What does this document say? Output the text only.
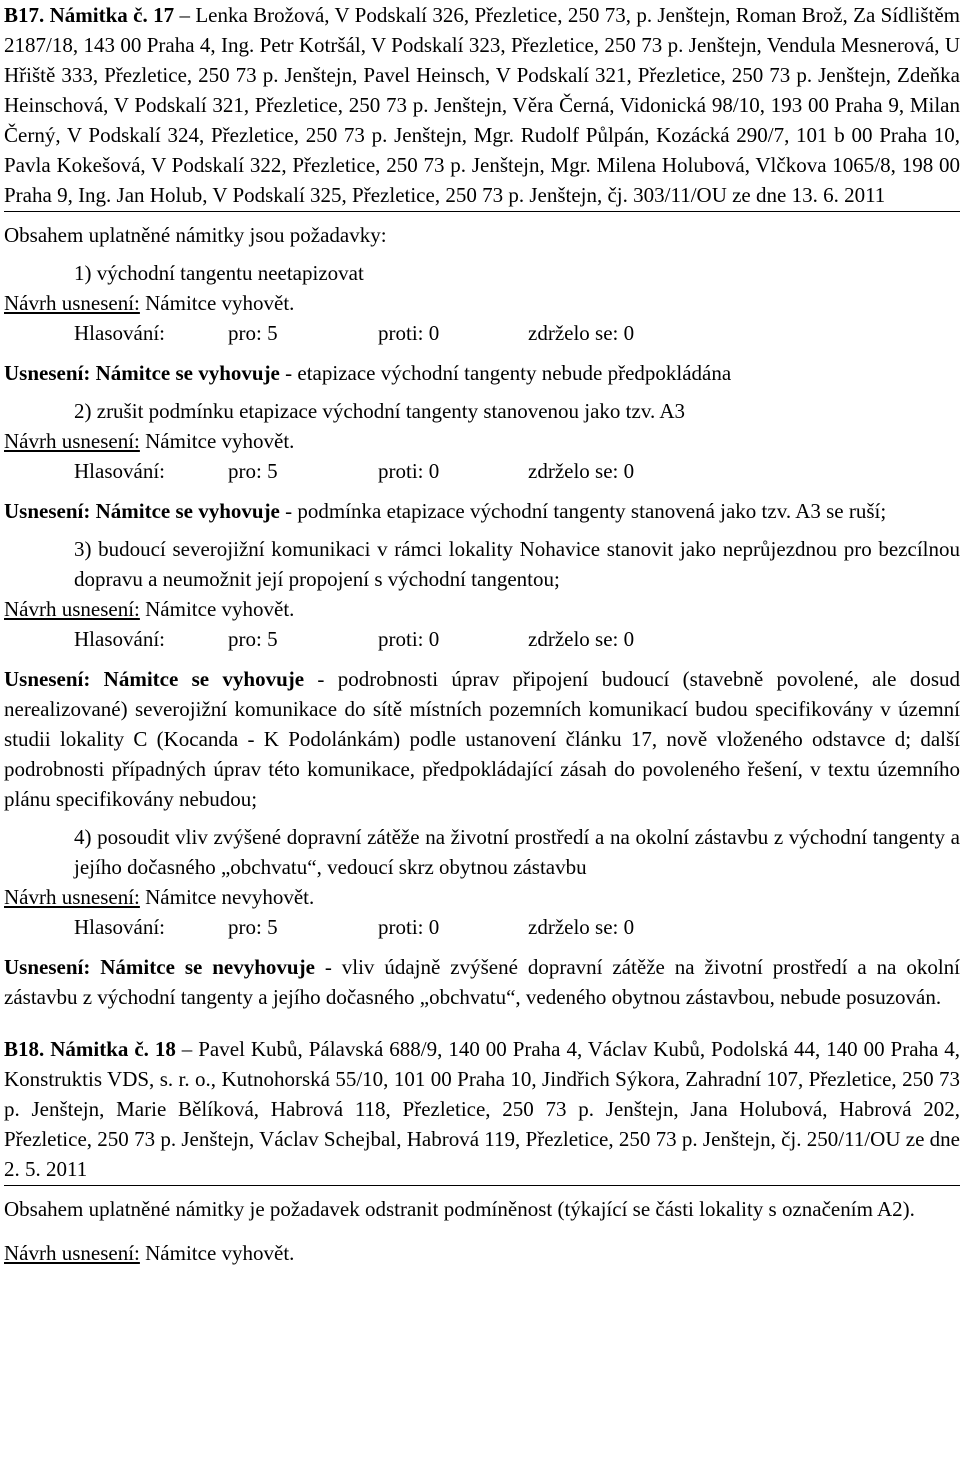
B17. Námitka č. 17 – Lenka Brožová, V Podskalí 326, Přezletice, 250 73, p. Jenštejn, Roman Brož, Za Sídlištěm 2187/18, 143 00 Praha 4, Ing. Petr Kotršál, V Podskalí 323, Přezletice, 250 73 p. Jenštejn, Vendula Mesnerová, U Hřiště 333, Přezletice, 250 73 p. Jenštejn, Pavel Heinsch, V Podskalí 321, Přezletice, 250 73 p. Jenštejn, Zdeňka Heinschová, V Podskalí 321, Přezletice, 250 73 p. Jenštejn, Věra Černá, Vidonická 98/10, 193 00 Praha 9, Milan Černý, V Podskalí 324, Přezletice, 250 73 p. Jenštejn, Mgr. Rudolf Půlpán, Kozácká 290/7, 101 b 00 Praha 10, Pavla Kokešová, V Podskalí 322, Přezletice, 250 73 p. Jenštejn, Mgr. Milena Holubová, Vlčkova 1065/8, 198 00 Praha 9, Ing. Jan Holub, V Podskalí 325, Přezletice, 250 73 p. Jenštejn, čj. 303/11/OU ze dne 13. 6. 2011

Obsahem uplatněné námitky jsou požadavky:

1) východní tangentu neetapizovat

Návrh usnesení: Námitce vyhovět.

Hlasování:	pro: 5	proti: 0	zdrželo se: 0

Usnesení: Námitce se vyhovuje - etapizace východní tangenty nebude předpokládána

2) zrušit podmínku etapizace východní tangenty stanovenou jako tzv. A3

Návrh usnesení: Námitce vyhovět.

Hlasování:	pro: 5	proti: 0	zdrželo se: 0

Usnesení: Námitce se vyhovuje - podmínka etapizace východní tangenty stanovená jako tzv. A3 se ruší;

3) budoucí severojižní komunikaci v rámci lokality Nohavice stanovit jako neprůjezdnou pro bezcílnou dopravu a neumožnit její propojení s východní tangentou;

Návrh usnesení: Námitce vyhovět.

Hlasování:	pro: 5	proti: 0	zdrželo se: 0

Usnesení: Námitce se vyhovuje - podrobnosti úprav připojení budoucí (stavebně povolené, ale dosud nerealizované) severojižní komunikace do sítě místních pozemních komunikací budou specifikovány v územní studii lokality C (Kocanda - K Podolánkám) podle ustanovení článku 17, nově vloženého odstavce d; další podrobnosti případných úprav této komunikace, předpokládající zásah do povoleného řešení, v textu územního plánu specifikovány nebudou;

4) posoudit vliv zvýšené dopravní zátěže na životní prostředí a na okolní zástavbu z východní tangenty a jejího dočasného „obchvatu“, vedoucí skrz obytnou zástavbu

Návrh usnesení: Námitce nevyhovět.

Hlasování:	pro: 5	proti: 0	zdrželo se: 0

Usnesení: Námitce se nevyhovuje - vliv údajně zvýšené dopravní zátěže na životní prostředí a na okolní zástavbu z východní tangenty a jejího dočasného „obchvatu“, vedeného obytnou zástavbou, nebude posuzován.

B18. Námitka č. 18 – Pavel Kubů, Pálavská 688/9, 140 00 Praha 4, Václav Kubů, Podolská 44, 140 00 Praha 4, Konstruktis VDS, s. r. o., Kutnohorská 55/10, 101 00 Praha 10, Jindřich Sýkora, Zahradní 107, Přezletice, 250 73 p. Jenštejn, Marie Bělíková, Habrová 118, Přezletice, 250 73 p. Jenštejn, Jana Holubová, Habrová 202, Přezletice, 250 73 p. Jenštejn, Václav Schejbal, Habrová 119, Přezletice, 250 73 p. Jenštejn, čj. 250/11/OU ze dne 2. 5. 2011

Obsahem uplatněné námitky je požadavek odstranit podmíněnost (týkající se části lokality s označením A2).

Návrh usnesení: Námitce vyhovět.
